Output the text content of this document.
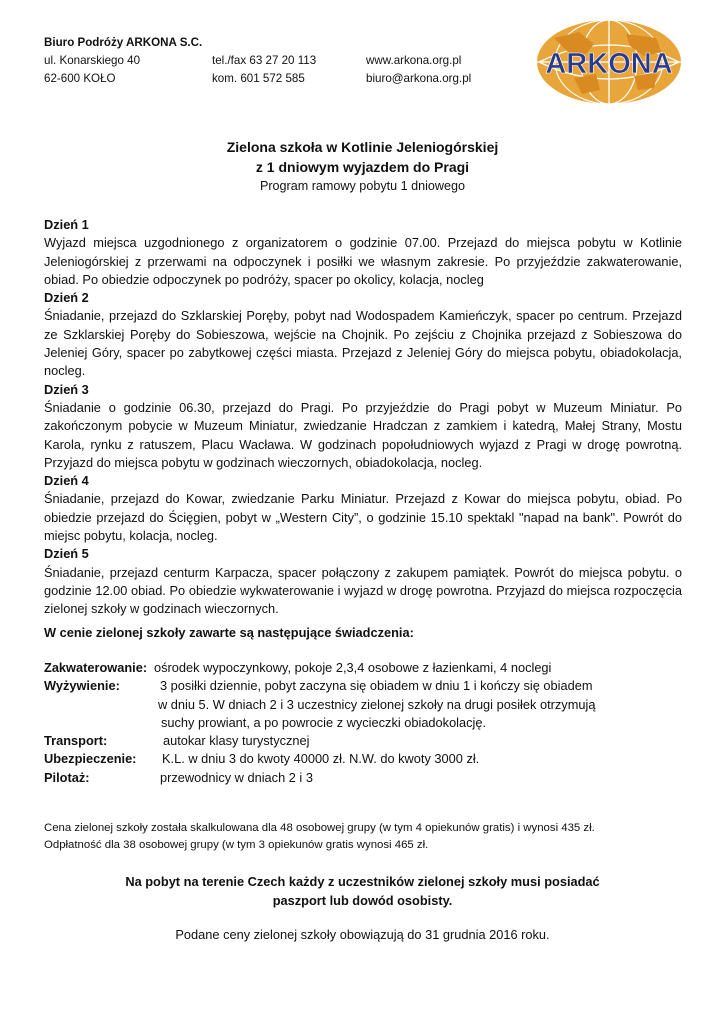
Biuro Podróży ARKONA S.C.
ul. Konarskiego 40	tel./fax 63 27 20 113	www.arkona.org.pl
62-600 KOŁO	kom. 601 572 585	biuro@arkona.org.pl	ARKONA
Zielona szkoła w Kotlinie Jeleniogórskiej
z 1 dniowym wyjazdem do Pragi
Program ramowy pobytu 1 dniowego
Dzień 1
Wyjazd miejsca uzgodnionego z organizatorem o godzinie 07.00. Przejazd do miejsca pobytu w Kotlinie Jeleniogórskiej z przerwami na odpoczynek i posiłki we własnym zakresie. Po przyjeździe zakwaterowanie, obiad. Po obiedzie odpoczynek po podróży, spacer po okolicy, kolacja, nocleg
Dzień 2
Śniadanie, przejazd do Szklarskiej Poręby, pobyt nad Wodospadem Kamieńczyk, spacer po centrum. Przejazd ze Szklarskiej Poręby do Sobieszowa, wejście na Chojnik. Po zejściu z Chojnika przejazd z Sobieszowa do Jeleniej Góry, spacer po zabytkowej części miasta. Przejazd z Jeleniej Góry do miejsca pobytu, obiadokolacja, nocleg.
Dzień 3
Śniadanie o godzinie 06.30, przejazd do Pragi. Po przyjeździe do Pragi pobyt w Muzeum Miniatur. Po zakończonym pobycie w Muzeum Miniatur, zwiedzanie Hradczan z zamkiem i katedrą, Małej Strany, Mostu Karola, rynku z ratuszem, Placu Wacława. W godzinach popołudniowych wyjazd z Pragi w drogę powrotną. Przyjazd do miejsca pobytu w godzinach wieczornych, obiadokolacja, nocleg.
Dzień 4
Śniadanie, przejazd do Kowar, zwiedzanie Parku Miniatur. Przejazd z Kowar do miejsca pobytu, obiad. Po obiedzie przejazd do Ścięgien, pobyt w „Western City”, o godzinie 15.10 spektakl "napad na bank". Powrót do miejsc pobytu, kolacja, nocleg.
Dzień 5
Śniadanie, przejazd centurm Karpacza, spacer połączony z zakupem pamiątek. Powrót do miejsca pobytu. o godzinie 12.00 obiad. Po obiedzie wykwaterowanie i wyjazd w drogę powrotna. Przyjazd do miejsca rozpoczęcia zielonej szkoły w godzinach wieczornych.
W cenie zielonej szkoły zawarte są następujące świadczenia:
Zakwaterowanie: ośrodek wypoczynkowy, pokoje 2,3,4 osobowe z łazienkami, 4 noclegi
Wyżywienie:	3 posiłki dziennie, pobyt zaczyna się obiadem w dniu 1 i kończy się obiadem
w dniu 5. W dniach 2 i 3 uczestnicy zielonej szkoły na drugi posiłek otrzymują
suchy prowiant, a po powrocie z wycieczki obiadokolację.
Transport:	autokar klasy turystycznej
Ubezpieczenie:	K.L. w dniu 3 do kwoty 40000 zł. N.W. do kwoty 3000 zł.
Pilotaż:	przewodnicy w dniach 2 i 3
Cena zielonej szkoły została skalkulowana dla 48 osobowej grupy (w tym 4 opiekunów gratis) i wynosi 435 zł.
Odpłatność dla 38 osobowej grupy (w tym 3 opiekunów gratis wynosi 465 zł.
Na pobyt na terenie Czech każdy z uczestników zielonej szkoły musi posiadać
paszport lub dowód osobisty.
Podane ceny zielonej szkoły obowiązują do 31 grudnia 2016 roku.
